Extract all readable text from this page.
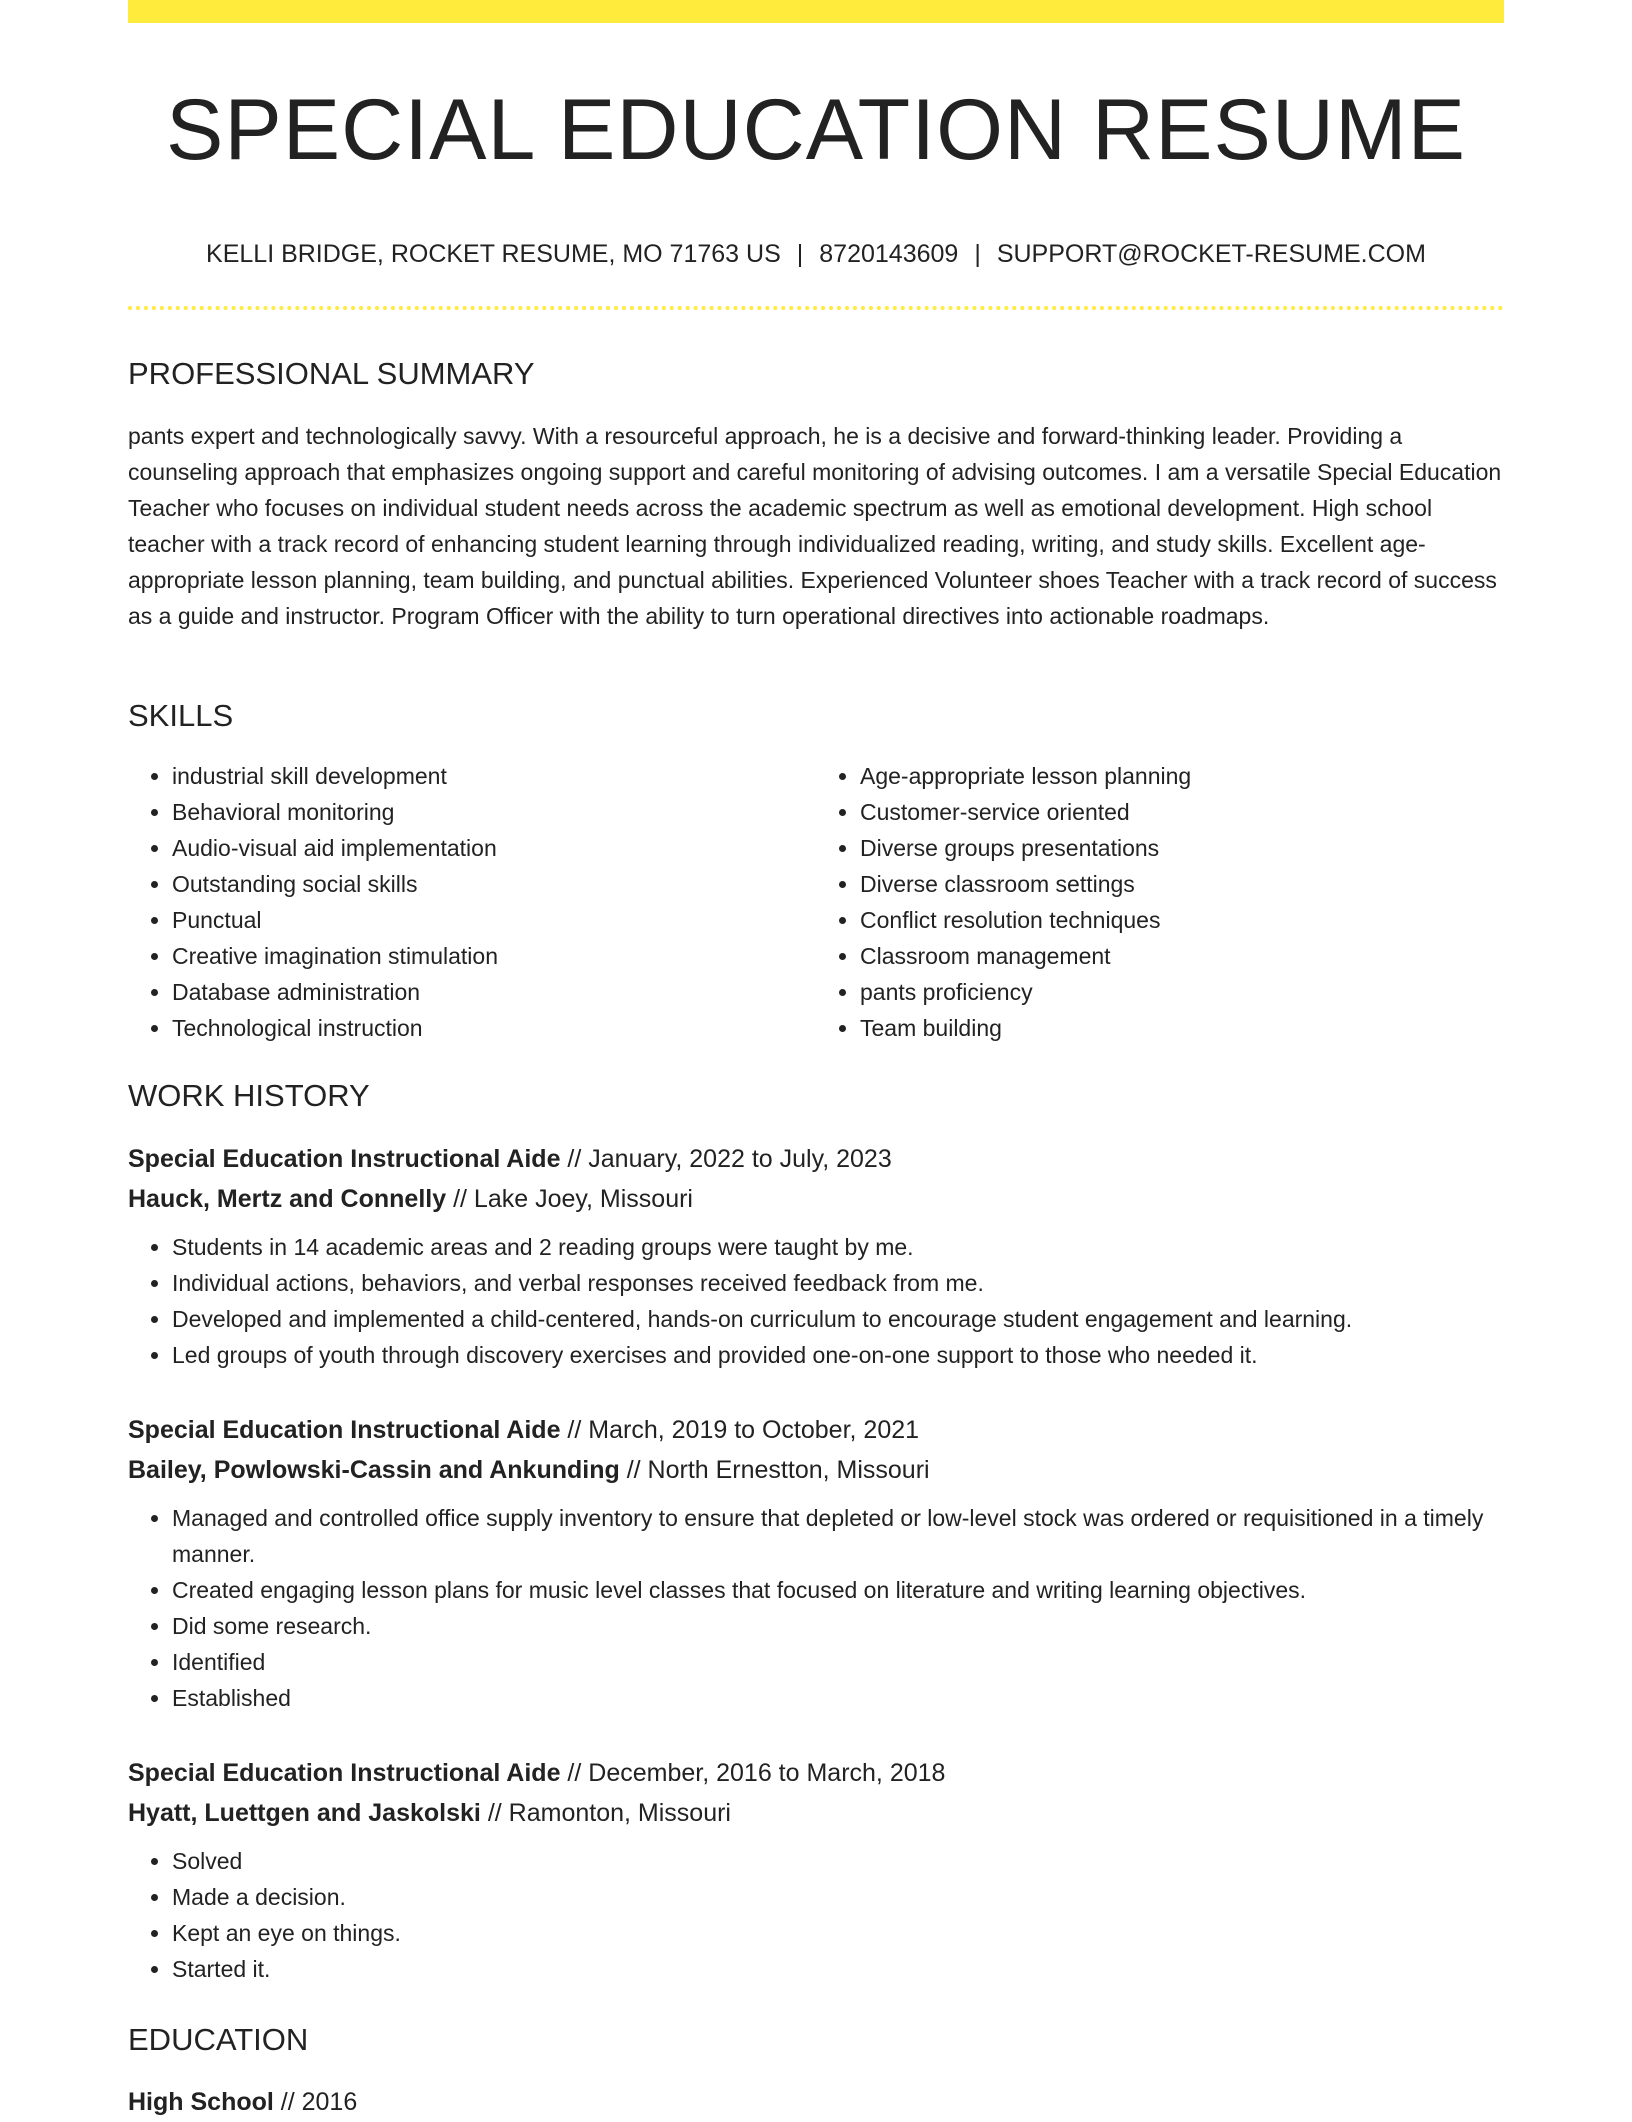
SPECIAL EDUCATION RESUME
KELLI BRIDGE, ROCKET RESUME, MO 71763 US | 8720143609 | SUPPORT@ROCKET-RESUME.COM
PROFESSIONAL SUMMARY

pants expert and technologically savvy. With a resourceful approach, he is a decisive and forward-thinking leader. Providing a counseling approach that emphasizes ongoing support and careful monitoring of advising outcomes. I am a versatile Special Education Teacher who focuses on individual student needs across the academic spectrum as well as emotional development. High school teacher with a track record of enhancing student learning through individualized reading, writing, and study skills. Excellent age-appropriate lesson planning, team building, and punctual abilities. Experienced Volunteer shoes Teacher with a track record of success as a guide and instructor. Program Officer with the ability to turn operational directives into actionable roadmaps.

SKILLS
• industrial skill development
• Behavioral monitoring
• Audio-visual aid implementation
• Outstanding social skills
• Punctual
• Creative imagination stimulation
• Database administration
• Technological instruction
• Age-appropriate lesson planning
• Customer-service oriented
• Diverse groups presentations
• Diverse classroom settings
• Conflict resolution techniques
• Classroom management
• pants proficiency
• Team building
WORK HISTORY
Special Education Instructional Aide // January, 2022 to July, 2023
Hauck, Mertz and Connelly // Lake Joey, Missouri
• Students in 14 academic areas and 2 reading groups were taught by me.
• Individual actions, behaviors, and verbal responses received feedback from me.
• Developed and implemented a child-centered, hands-on curriculum to encourage student engagement and learning.
• Led groups of youth through discovery exercises and provided one-on-one support to those who needed it.
Special Education Instructional Aide // March, 2019 to October, 2021
Bailey, Powlowski-Cassin and Ankunding // North Ernestton, Missouri
• Managed and controlled office supply inventory to ensure that depleted or low-level stock was ordered or requisitioned in a timely manner.
• Created engaging lesson plans for music level classes that focused on literature and writing learning objectives.
• Did some research.
• Identified
• Established
Special Education Instructional Aide // December, 2016 to March, 2018
Hyatt, Luettgen and Jaskolski // Ramonton, Missouri
• Solved
• Made a decision.
• Kept an eye on things.
• Started it.
EDUCATION
High School // 2016
